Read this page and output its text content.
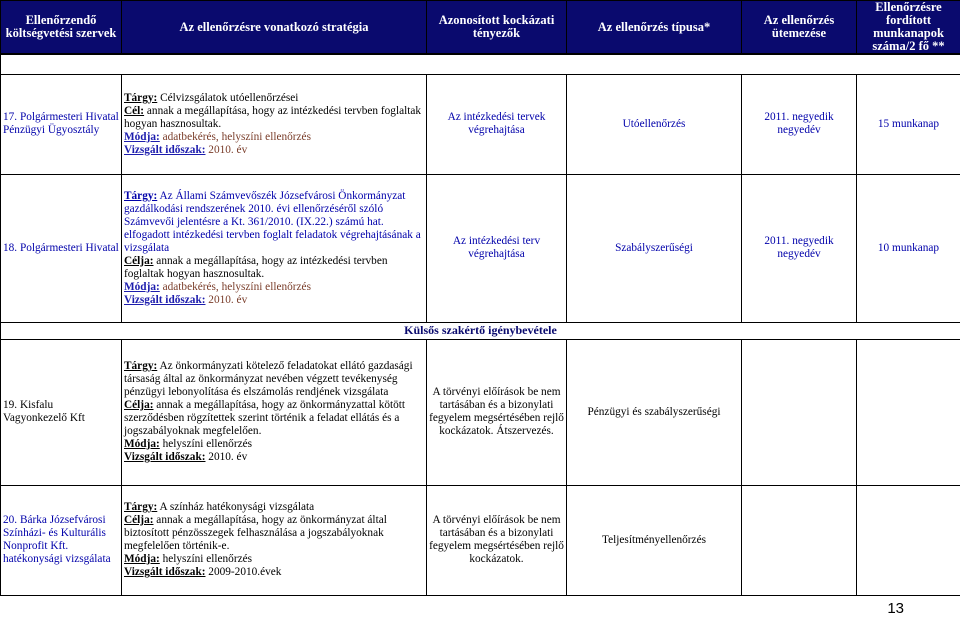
Ellenőrzendő költségvetési szervek	Az ellenőrzésre vonatkozó stratégia	Azonosított kockázati tényezők	Az ellenőrzés típusa*	Az ellenőrzés ütemezése	Ellenőrzésre fordított munkanapok száma/2 fő **

17. Polgármesteri Hivatal Pénzügyi Ügyosztály	Tárgy: Célvizsgálatok utóellenőrzései
Cél: annak a megállapítása, hogy az intézkedési tervben foglaltak hogyan hasznosultak.
Módja: adatbekérés, helyszíni ellenőrzés
Vizsgált időszak: 2010. év	Az intézkedési tervek végrehajtása	Utóellenőrzés	2011. negyedik negyedév	15 munkanap
18. Polgármesteri Hivatal	Tárgy: Az Állami Számvevőszék Józsefvárosi Önkormányzat gazdálkodási rendszerének 2010. évi ellenőrzéséről szóló Számvevői jelentésre a Kt. 361/2010. (IX.22.) számú hat. elfogadott intézkedési tervben foglalt feladatok végrehajtásának a vizsgálata
Célja: annak a megállapítása, hogy az intézkedési tervben foglaltak hogyan hasznosultak.
Módja: adatbekérés, helyszíni ellenőrzés
Vizsgált időszak: 2010. év	Az intézkedési terv végrehajtása	Szabályszerűségi	2011. negyedik negyedév	10 munkanap
Külsős szakértő igénybevétele					
19. Kisfalu Vagyonkezelő Kft	Tárgy: Az önkormányzati kötelező feladatokat ellátó gazdasági társaság által az önkormányzat nevében végzett tevékenység pénzügyi lebonyolítása és elszámolás rendjének vizsgálata
Célja: annak a megállapítása, hogy az önkormányzattal kötött szerződésben rögzítettek szerint történik a feladat ellátás és a jogszabályoknak megfelelően.
Módja: helyszíni ellenőrzés
Vizsgált időszak: 2010. év	A törvényi előírások be nem tartásában és a bizonylati fegyelem megsértésében rejlő kockázatok. Átszervezés.	Pénzügyi és szabályszerűségi		
20. Bárka Józsefvárosi Színházi- és Kulturális Nonprofit Kft. hatékonysági vizsgálata	Tárgy: A színház hatékonysági vizsgálata
Célja: annak a megállapítása, hogy az önkormányzat által biztosított pénzösszegek felhasználása a jogszabályoknak megfelelően történik-e.
Módja: helyszíni ellenőrzés
Vizsgált időszak: 2009-2010.évek	A törvényi előírások be nem tartásában és a bizonylati fegyelem megsértésében rejlő kockázatok.	Teljesítményellenőrzés		
13
